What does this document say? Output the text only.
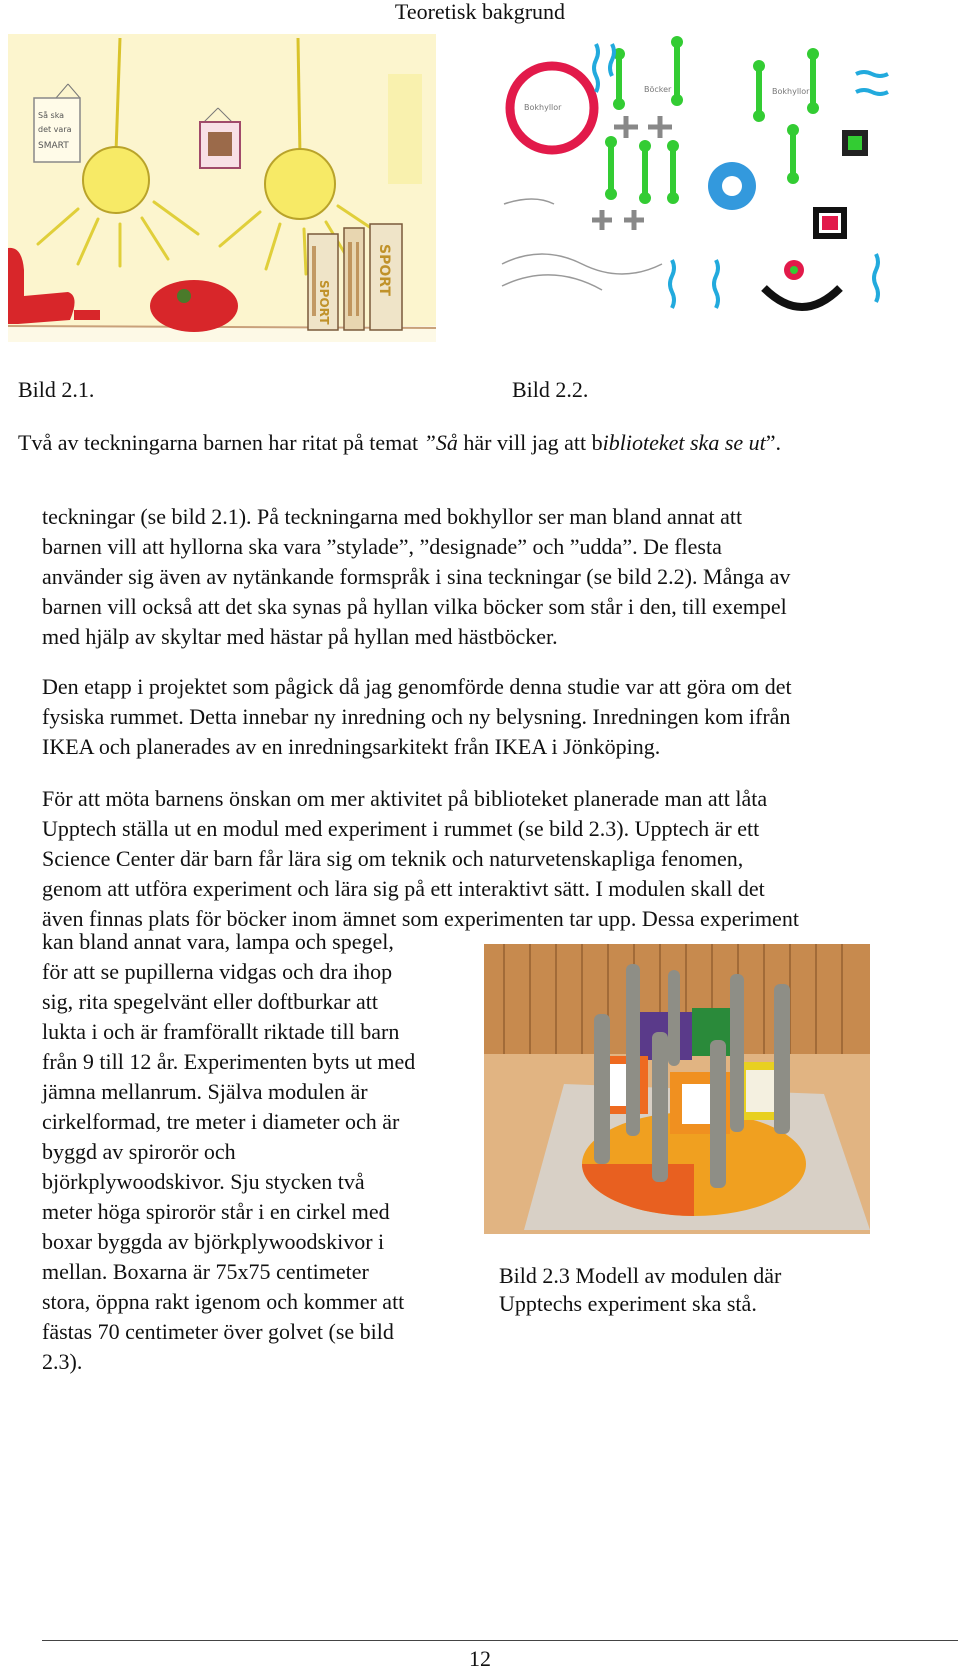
Teoretisk bakgrund
Så ska
det vara
SMART
SPORT
SPORT
Böcker	Bokhyllor
Bokhyllor
Bild 2.1.	Bild 2.2.
Två av teckningarna barnen har ritat på temat ”Så här vill jag att biblioteket ska se ut”.
teckningar (se bild 2.1). På teckningarna med bokhyllor ser man bland annat att
barnen vill att hyllorna ska vara ”stylade”, ”designade” och ”udda”. De flesta
använder sig även av nytänkande formspråk i sina teckningar (se bild 2.2). Många av
barnen vill också att det ska synas på hyllan vilka böcker som står i den, till exempel
med hjälp av skyltar med hästar på hyllan med hästböcker.
Den etapp i projektet som pågick då jag genomförde denna studie var att göra om det
fysiska rummet. Detta innebar ny inredning och ny belysning. Inredningen kom ifrån
IKEA och planerades av en inredningsarkitekt från IKEA i Jönköping.
För att möta barnens önskan om mer aktivitet på biblioteket planerade man att låta
Upptech ställa ut en modul med experiment i rummet (se bild 2.3). Upptech är ett
Science Center där barn får lära sig om teknik och naturvetenskapliga fenomen,
genom att utföra experiment och lära sig på ett interaktivt sätt. I modulen skall det
även finnas plats för böcker inom ämnet som experimenten tar upp. Dessa experiment
kan bland annat vara, lampa och spegel,
för att se pupillerna vidgas och dra ihop
sig, rita spegelvänt eller doftburkar att
lukta i och är framförallt riktade till barn
från 9 till 12 år. Experimenten byts ut med
jämna mellanrum. Själva modulen är
cirkelformad, tre meter i diameter och är
byggd av spirorör och
björkplywoodskivor. Sju stycken två
meter höga spirorör står i en cirkel med
boxar byggda av björkplywoodskivor i
mellan. Boxarna är 75x75 centimeter
stora, öppna rakt igenom och kommer att
fästas 70 centimeter över golvet (se bild
2.3).
Bild 2.3 Modell av modulen där
Upptechs experiment ska stå.
12
